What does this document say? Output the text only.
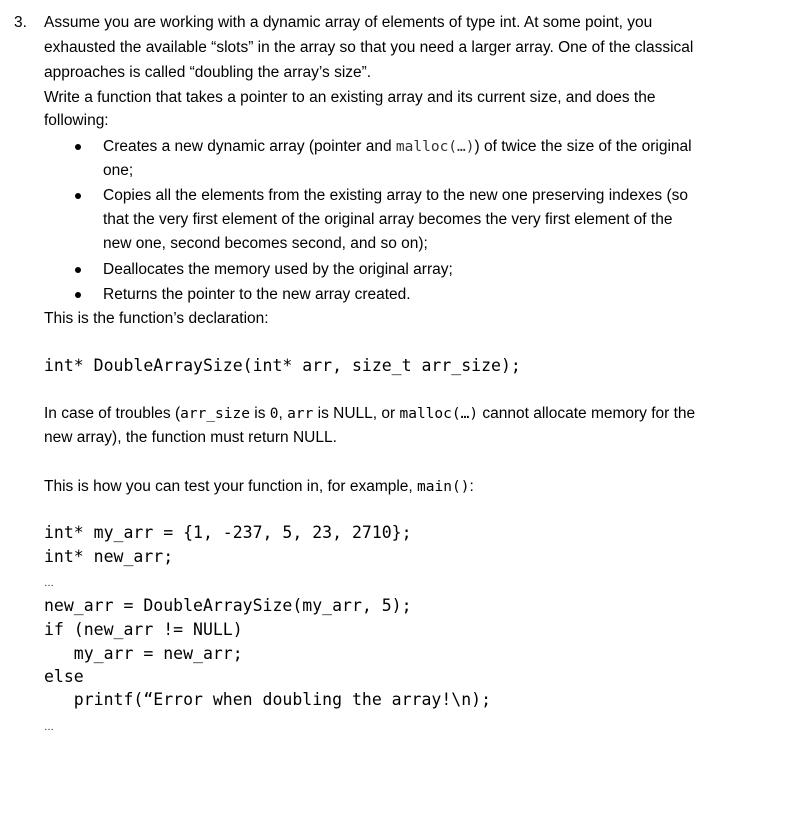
3. Assume you are working with a dynamic array of elements of type int. At some point, you
exhausted the available “slots” in the array so that you need a larger array. One of the classical
approaches is called “doubling the array’s size”.
Write a function that takes a pointer to an existing array and its current size, and does the
following:
Creates a new dynamic array (pointer and malloc(…)) of twice the size of the original
one;
Copies all the elements from the existing array to the new one preserving indexes (so
that the very first element of the original array becomes the very first element of the
new one, second becomes second, and so on);
Deallocates the memory used by the original array;
Returns the pointer to the new array created.
This is the function’s declaration:
int* DoubleArraySize(int* arr, size_t arr_size);
In case of troubles (arr_size is 0, arr is NULL, or malloc(…) cannot allocate memory for the
new array), the function must return NULL.
This is how you can test your function in, for example, main():
int* my_arr = {1, -237, 5, 23, 2710};
int* new_arr;
…
new_arr = DoubleArraySize(my_arr, 5);
if (new_arr != NULL)
my_arr = new_arr;
else
printf(“Error when doubling the array!\n);
…
